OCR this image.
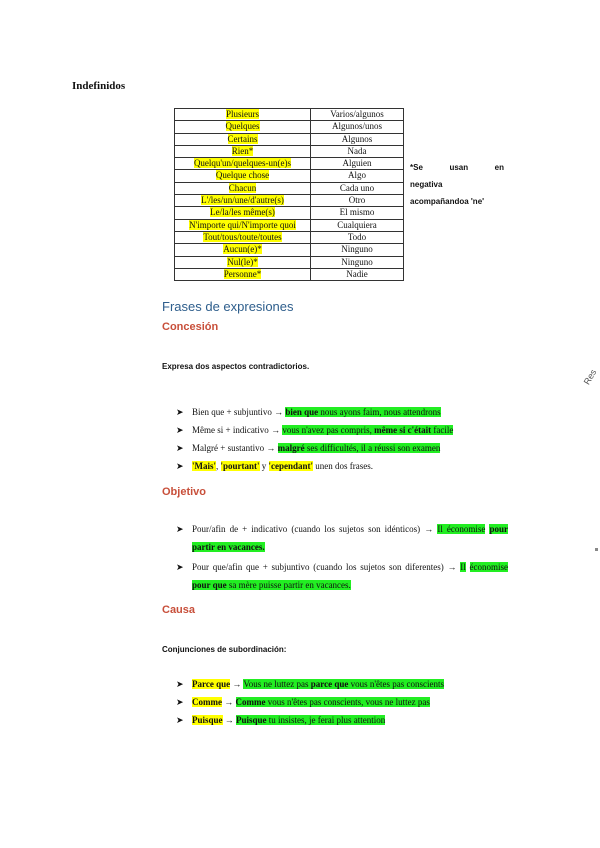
Indefinidos
Plusieurs	Varios/algunos
Quelques	Algunos/unos
Certains	Algunos
Rien*	Nada
Quelqu'un/quelques-un(e)s	Alguien
Quelque chose	Algo
Chacun	Cada uno
L'/les/un/une/d'autre(s)	Otro
Le/la/les même(s)	El mismo
N'importe qui/N'importe quoi	Cualquiera
Tout/tous/toute/toutes	Todo
Aucun(e)*	Ninguno
Nul(le)*	Ninguno
Personne*	Nadie
*Se	usan	en
negativa
acompañandoa 'ne'
Frases de expresiones
Concesión
Expresa dos aspectos contradictorios.
➤ Bien que + subjuntivo → bien que nous ayons faim, nous attendrons
➤ Même si + indicativo → vous n'avez pas compris, même si c'était facile
➤ Malgré + sustantivo → malgré ses difficultés, il a réussi son examen
➤ 'Mais', 'pourtant' y 'cependant' unen dos frases.
Objetivo
➤ Pour/afin de + indicativo (cuando los sujetos son idénticos) → Il économise pour partir en vacances.
➤ Pour que/afin que + subjuntivo (cuando los sujetos son diferentes) → Il économise pour que sa mère puisse partir en vacances.
Causa
Conjunciones de subordinación:
➤ Parce que → Vous ne luttez pas parce que vous n'êtes pas conscients
➤ Comme → Comme vous n'êtes pas conscients, vous ne luttez pas
➤ Puisque → Puisque tu insistes, je ferai plus attention
Res
